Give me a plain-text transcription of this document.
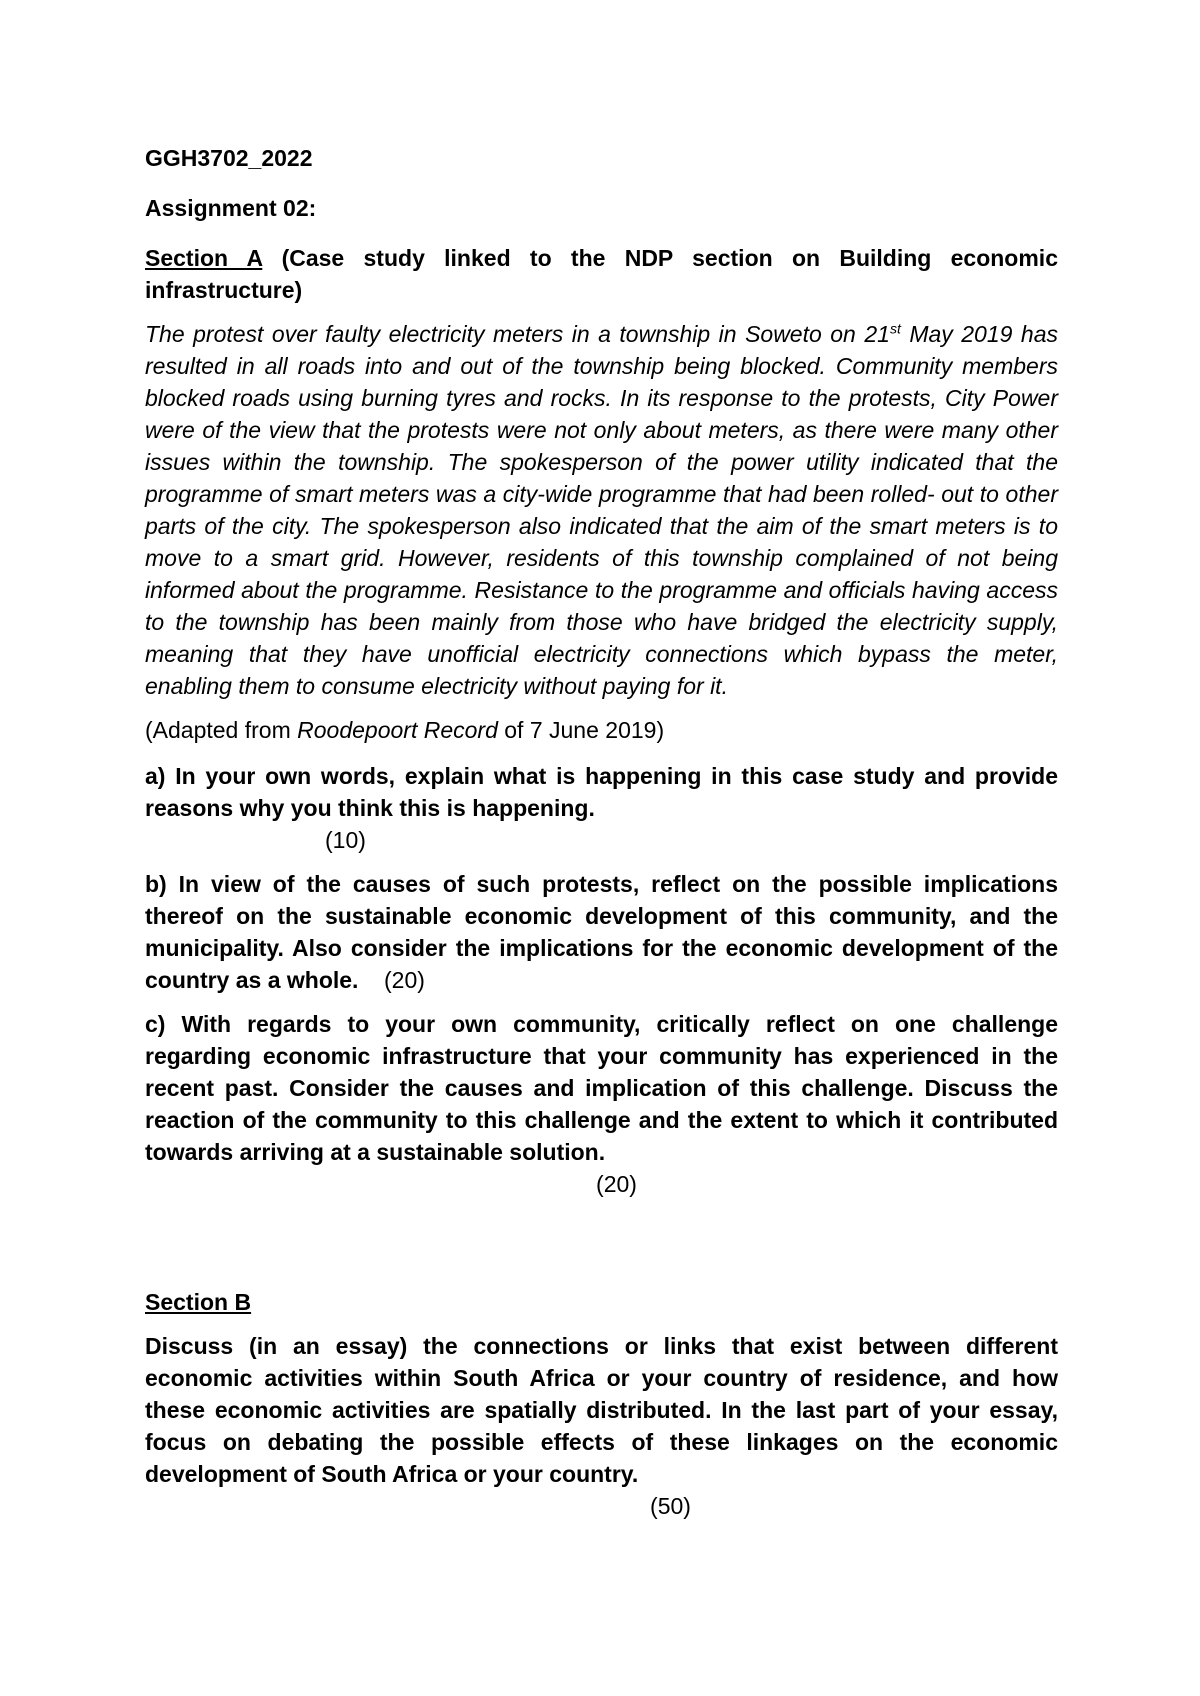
GGH3702_2022

Assignment 02:

Section A (Case study linked to the NDP section on Building economic infrastructure)

The protest over faulty electricity meters in a township in Soweto on 21st May 2019 has resulted in all roads into and out of the township being blocked. Community members blocked roads using burning tyres and rocks. In its response to the protests, City Power were of the view that the protests were not only about meters, as there were many other issues within the township. The spokesperson of the power utility indicated that the programme of smart meters was a city-wide programme that had been rolled- out to other parts of the city. The spokesperson also indicated that the aim of the smart meters is to move to a smart grid. However, residents of this township complained of not being informed about the programme. Resistance to the programme and officials having access to the township has been mainly from those who have bridged the electricity supply, meaning that they have unofficial electricity connections which bypass the meter, enabling them to consume electricity without paying for it.

(Adapted from Roodepoort Record of 7 June 2019)

a) In your own words, explain what is happening in this case study and provide reasons why you think this is happening.

(10)

b) In view of the causes of such protests, reflect on the possible implications thereof on the sustainable economic development of this community, and the municipality. Also consider the implications for the economic development of the country as a whole. (20)

c) With regards to your own community, critically reflect on one challenge regarding economic infrastructure that your community has experienced in the recent past. Consider the causes and implication of this challenge. Discuss the reaction of the community to this challenge and the extent to which it contributed towards arriving at a sustainable solution.

(20)

Section B

Discuss (in an essay) the connections or links that exist between different economic activities within South Africa or your country of residence, and how these economic activities are spatially distributed. In the last part of your essay, focus on debating the possible effects of these linkages on the economic development of South Africa or your country.

(50)
